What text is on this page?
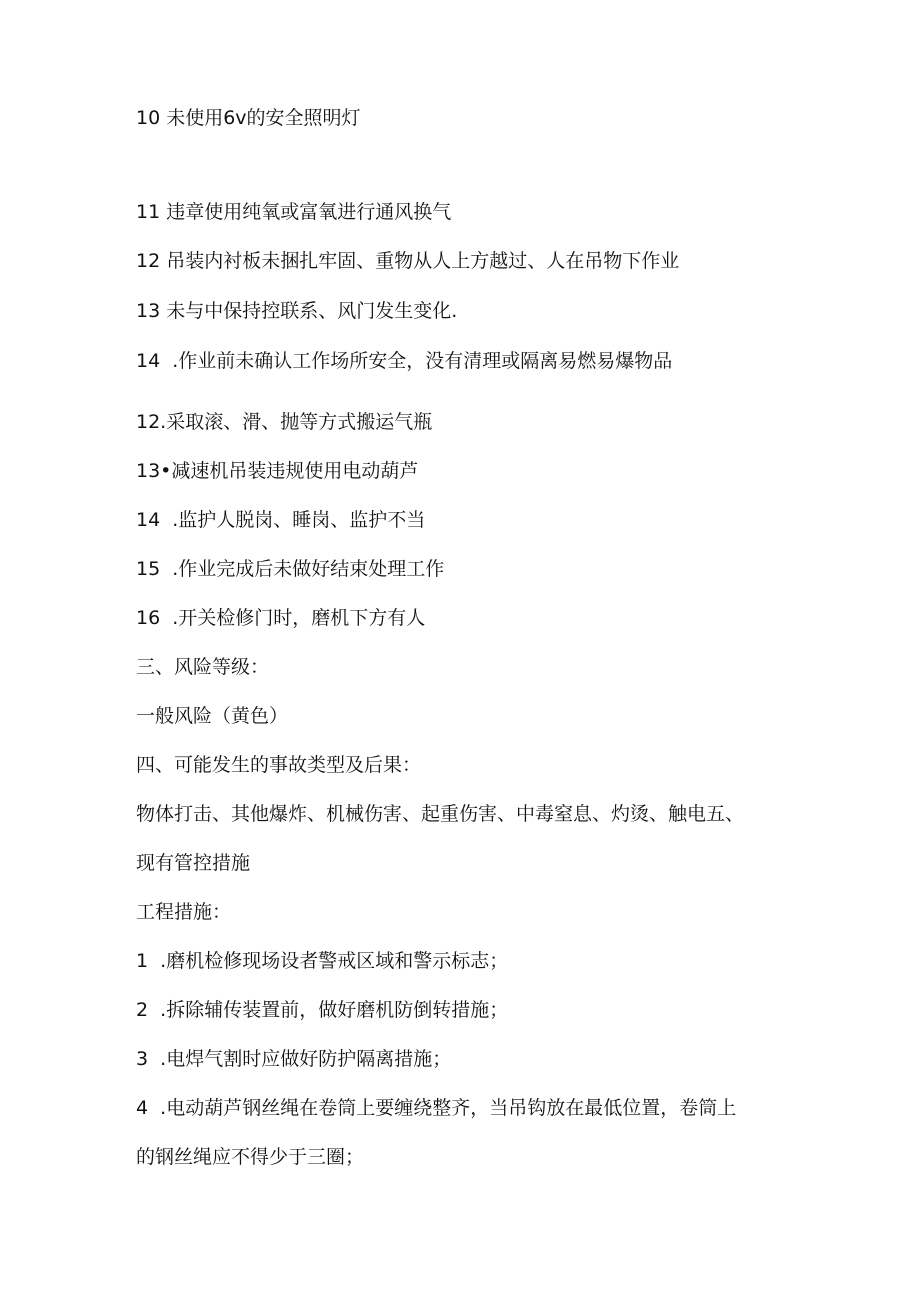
10 未使用6v的安全照明灯
11 违章使用纯氧或富氧进行通风换气
12 吊装内衬板未捆扎牢固、重物从人上方越过、人在吊物下作业
13 未与中保持控联系、风门发生变化.
14  .作业前未确认工作场所安全，没有清理或隔离易燃易爆物品
12.采取滚、滑、抛等方式搬运气瓶
13•减速机吊装违规使用电动葫芦
14  .监护人脱岗、睡岗、监护不当
15  .作业完成后未做好结束处理工作
16  .开关检修门时，磨机下方有人
三、风险等级：
一般风险（黄色）
四、可能发生的事故类型及后果：
物体打击、其他爆炸、机械伤害、起重伤害、中毒窒息、灼烫、触电五、
现有管控措施
工程措施：
1  .磨机检修现场设者警戒区域和警示标志；
2  .拆除辅传装置前，做好磨机防倒转措施；
3  .电焊气割时应做好防护隔离措施；
4  .电动葫芦钢丝绳在卷筒上要缠绕整齐，当吊钩放在最低位置，卷筒上
的钢丝绳应不得少于三圈；
